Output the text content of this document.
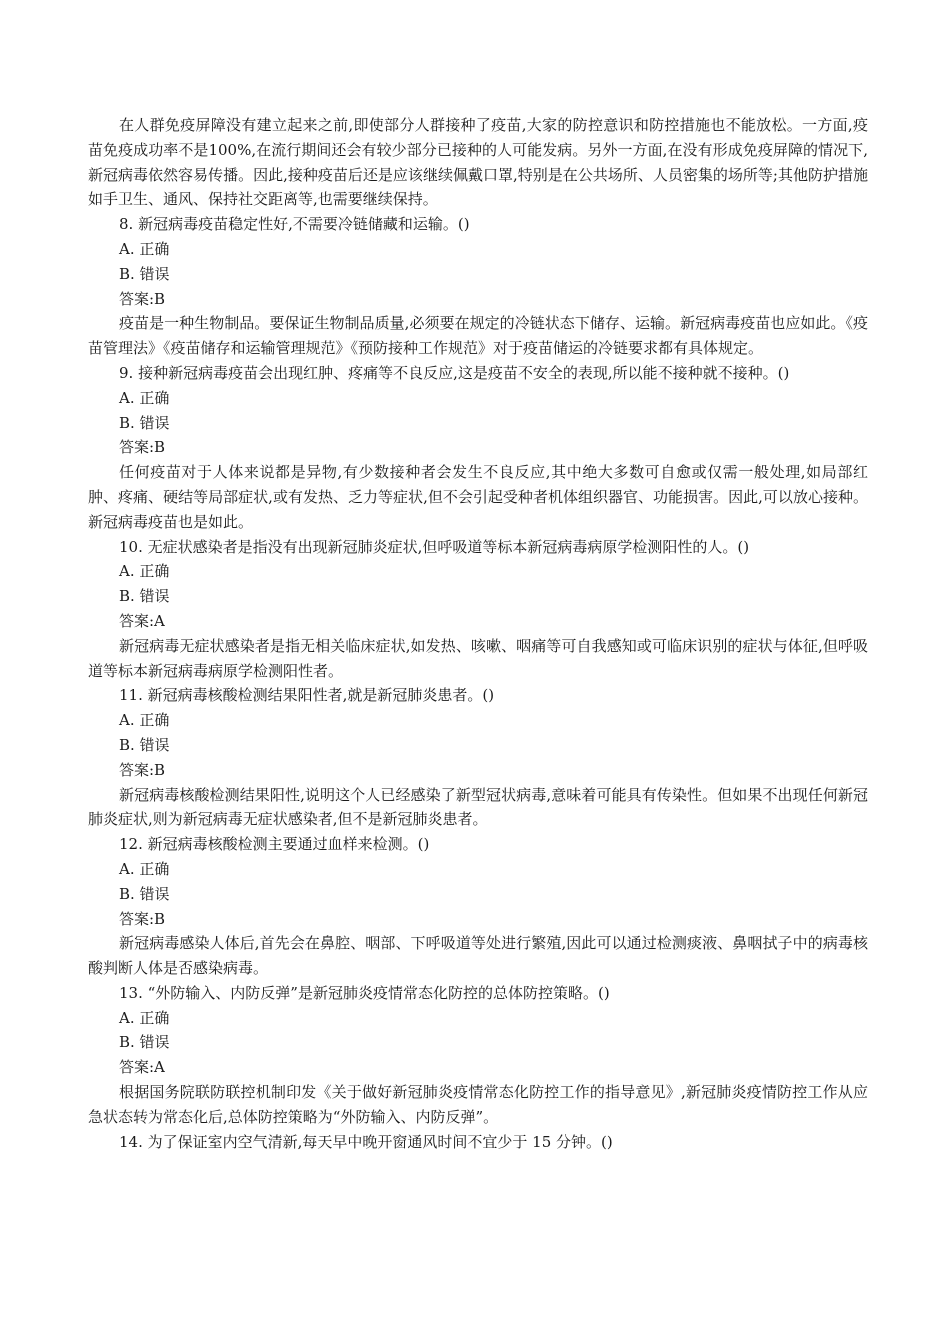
在人群免疫屏障没有建立起来之前,即使部分人群接种了疫苗,大家的防控意识和防控措施也不能放松。一方面,疫苗免疫成功率不是100%,在流行期间还会有较少部分已接种的人可能发病。另外一方面,在没有形成免疫屏障的情况下,新冠病毒依然容易传播。因此,接种疫苗后还是应该继续佩戴口罩,特别是在公共场所、人员密集的场所等;其他防护措施如手卫生、通风、保持社交距离等,也需要继续保持。

8. 新冠病毒疫苗稳定性好,不需要冷链储藏和运输。()

A. 正确

B. 错误

答案:B

疫苗是一种生物制品。要保证生物制品质量,必须要在规定的冷链状态下储存、运输。新冠病毒疫苗也应如此。《疫苗管理法》《疫苗储存和运输管理规范》《预防接种工作规范》对于疫苗储运的冷链要求都有具体规定。

9. 接种新冠病毒疫苗会出现红肿、疼痛等不良反应,这是疫苗不安全的表现,所以能不接种就不接种。()

A. 正确

B. 错误

答案:B

任何疫苗对于人体来说都是异物,有少数接种者会发生不良反应,其中绝大多数可自愈或仅需一般处理,如局部红肿、疼痛、硬结等局部症状,或有发热、乏力等症状,但不会引起受种者机体组织器官、功能损害。因此,可以放心接种。新冠病毒疫苗也是如此。

10. 无症状感染者是指没有出现新冠肺炎症状,但呼吸道等标本新冠病毒病原学检测阳性的人。()

A. 正确

B. 错误

答案:A

新冠病毒无症状感染者是指无相关临床症状,如发热、咳嗽、咽痛等可自我感知或可临床识别的症状与体征,但呼吸道等标本新冠病毒病原学检测阳性者。

11. 新冠病毒核酸检测结果阳性者,就是新冠肺炎患者。()

A. 正确

B. 错误

答案:B

新冠病毒核酸检测结果阳性,说明这个人已经感染了新型冠状病毒,意味着可能具有传染性。但如果不出现任何新冠肺炎症状,则为新冠病毒无症状感染者,但不是新冠肺炎患者。

12. 新冠病毒核酸检测主要通过血样来检测。()

A. 正确

B. 错误

答案:B

新冠病毒感染人体后,首先会在鼻腔、咽部、下呼吸道等处进行繁殖,因此可以通过检测痰液、鼻咽拭子中的病毒核酸判断人体是否感染病毒。

13. “外防输入、内防反弹”是新冠肺炎疫情常态化防控的总体防控策略。()

A. 正确

B. 错误

答案:A

根据国务院联防联控机制印发《关于做好新冠肺炎疫情常态化防控工作的指导意见》,新冠肺炎疫情防控工作从应急状态转为常态化后,总体防控策略为“外防输入、内防反弹”。

14. 为了保证室内空气清新,每天早中晚开窗通风时间不宜少于 15 分钟。()
